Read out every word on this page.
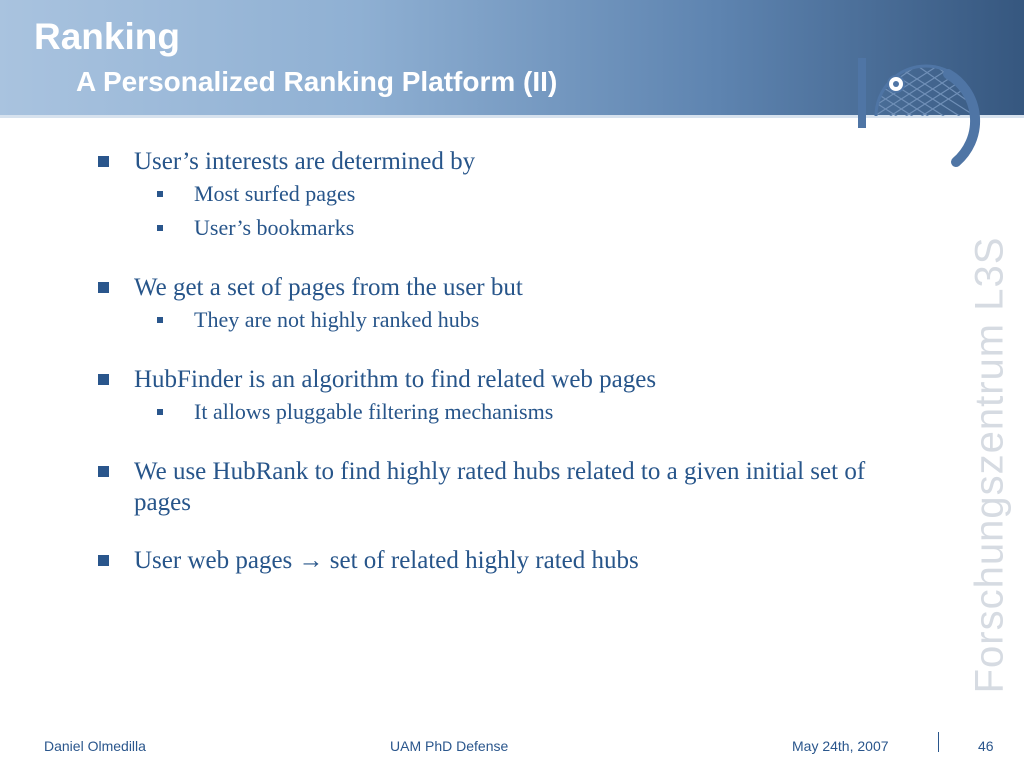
Ranking
A Personalized Ranking Platform (II)
Forschungszentrum L3S
User’s interests are determined by
Most surfed pages
User’s bookmarks
We get a set of pages from the user but
They are not highly ranked hubs
HubFinder is an algorithm to find related web pages
It allows pluggable filtering mechanisms
We use HubRank to find highly rated hubs related to a given initial set of pages
User web pages → set of related highly rated hubs
Daniel Olmedilla	UAM PhD Defense	May 24th, 2007	46
